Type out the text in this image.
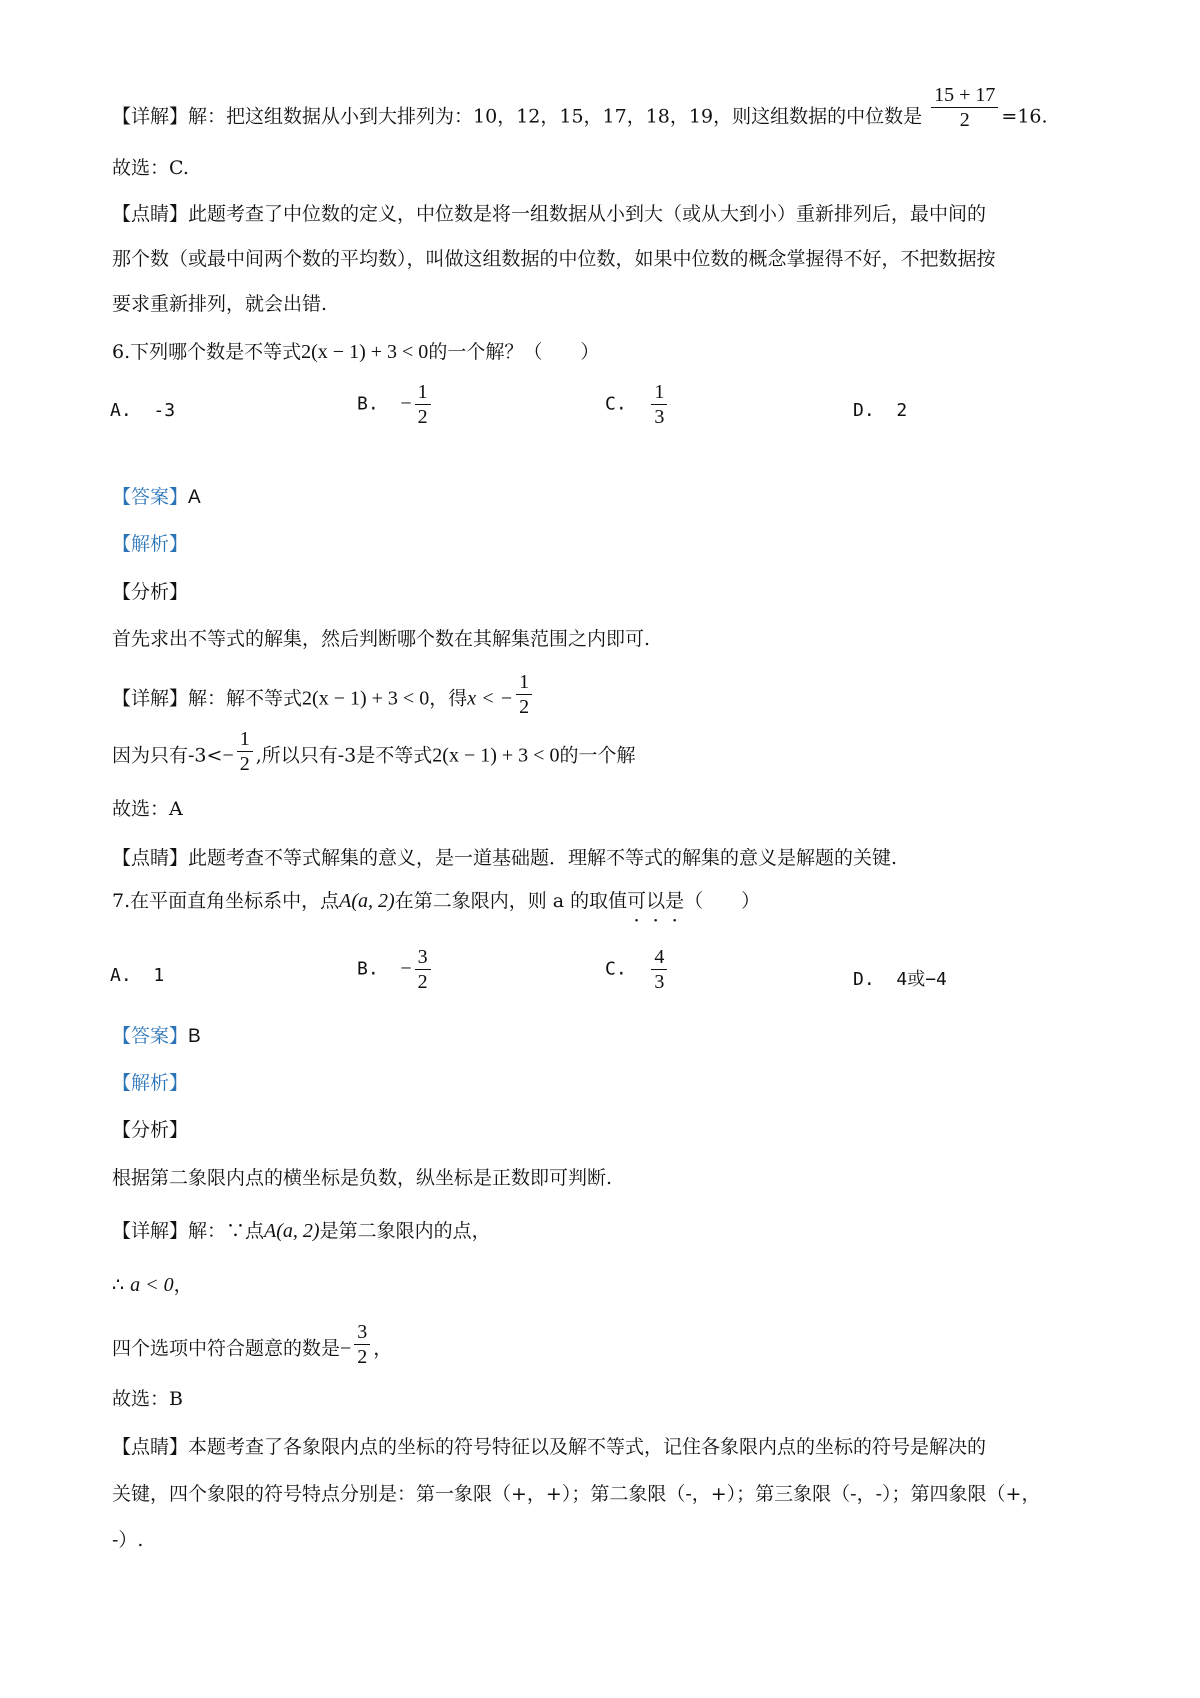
【详解】解：把这组数据从小到大排列为：10，12，15，17，18，19，则这组数据的中位数是 $\frac{15 + 17}{2} =16$.
故选：C.
【点睛】此题考查了中位数的定义，中位数是将一组数据从小到大（或从大到小）重新排列后，最中间的
那个数（或最中间两个数的平均数），叫做这组数据的中位数，如果中位数的概念掌握得不好，不把数据按
要求重新排列，就会出错.
6.下列哪个数是不等式2(x − 1) + 3 < 0的一个解？（　　）
A. -3	B. − $\frac{1}{2}$	C. $\frac{1}{3}$	D. 2
【答案】A
【解析】
【分析】
首先求出不等式的解集，然后判断哪个数在其解集范围之内即可.
【详解】解：解不等式2(x − 1) + 3 < 0，得x < − $\frac{1}{2}$
因为只有$-3<- \frac{1}{2}$ ,所以只有-3是不等式2(x − 1) + 3 < 0的一个解
故选：A
【点睛】此题考查不等式解集的意义，是一道基础题．理解不等式的解集的意义是解题的关键.
7.在平面直角坐标系中，点A(a, 2)在第二象限内，则 a 的取值可以是（　　）
A. 1	B. − $\frac{3}{2}$	C. $\frac{4}{3}$	D. 4或−4
【答案】B
【解析】
【分析】
根据第二象限内点的横坐标是负数，纵坐标是正数即可判断.
【详解】解：∵点A(a, 2)是第二象限内的点，
∴ a < 0，
四个选项中符合题意的数是− $\frac{3}{2}$ ，
故选：B
【点睛】本题考查了各象限内点的坐标的符号特征以及解不等式，记住各象限内点的坐标的符号是解决的
关键，四个象限的符号特点分别是：第一象限（+，+）；第二象限（-，+）；第三象限（-，-）；第四象限（+，
-）.
